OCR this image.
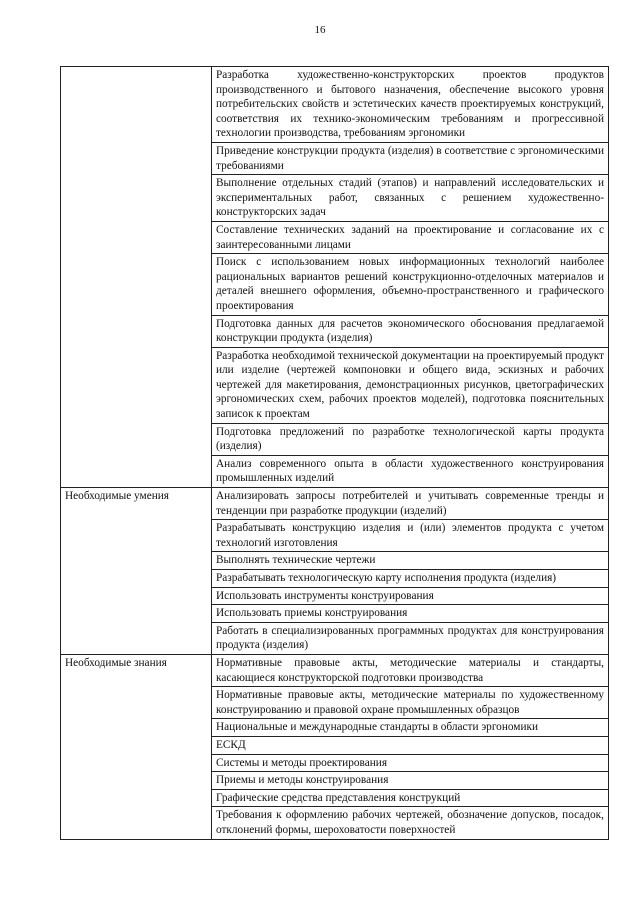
16
	Разработка художественно-конструкторских проектов продуктов производственного и бытового назначения, обеспечение высокого уровня потребительских свойств и эстетических качеств проектируемых конструкций, соответствия их технико-экономическим требованиям и прогрессивной технологии производства, требованиям эргономики
	Приведение конструкции продукта (изделия) в соответствие с эргономическими требованиями
	Выполнение отдельных стадий (этапов) и направлений исследовательских и экспериментальных работ, связанных с решением художественно-конструкторских задач
	Составление технических заданий на проектирование и согласование их с заинтересованными лицами
	Поиск с использованием новых информационных технологий наиболее рациональных вариантов решений конструкционно-отделочных материалов и деталей внешнего оформления, объемно-пространственного и графического проектирования
	Подготовка данных для расчетов экономического обоснования предлагаемой конструкции продукта (изделия)
	Разработка необходимой технической документации на проектируемый продукт или изделие (чертежей компоновки и общего вида, эскизных и рабочих чертежей для макетирования, демонстрационных рисунков, цветографических эргономических схем, рабочих проектов моделей), подготовка пояснительных записок к проектам
	Подготовка предложений по разработке технологической карты продукта (изделия)
	Анализ современного опыта в области художественного конструирования промышленных изделий
Необходимые умения	Анализировать запросы потребителей и учитывать современные тренды и тенденции при разработке продукции (изделий)
	Разрабатывать конструкцию изделия и (или) элементов продукта с учетом технологий изготовления
	Выполнять технические чертежи
	Разрабатывать технологическую карту исполнения продукта (изделия)
	Использовать инструменты конструирования
	Использовать приемы конструирования
	Работать в специализированных программных продуктах для конструирования продукта (изделия)
Необходимые знания	Нормативные правовые акты, методические материалы и стандарты, касающиеся конструкторской подготовки производства
	Нормативные правовые акты, методические материалы по художественному конструированию и правовой охране промышленных образцов
	Национальные и международные стандарты в области эргономики
	ЕСКД
	Системы и методы проектирования
	Приемы и методы конструирования
	Графические средства представления конструкций
	Требования к оформлению рабочих чертежей, обозначение допусков, посадок, отклонений формы, шероховатости поверхностей
